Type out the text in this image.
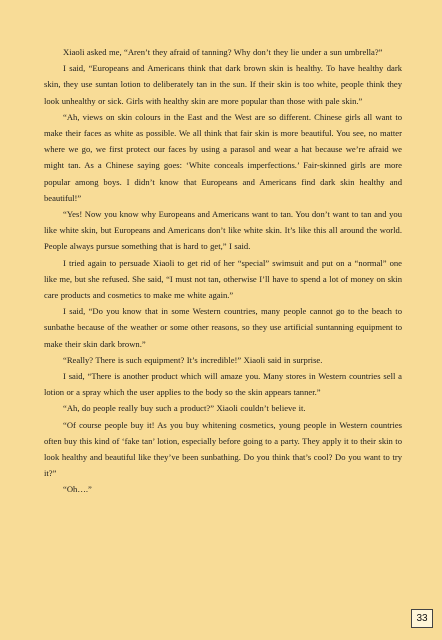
Xiaoli asked me, “Aren’t they afraid of tanning? Why don’t they lie under a sun umbrella?”

I said, “Europeans and Americans think that dark brown skin is healthy. To have healthy dark skin, they use suntan lotion to deliberately tan in the sun. If their skin is too white, people think they look unhealthy or sick. Girls with healthy skin are more popular than those with pale skin.”

“Ah, views on skin colours in the East and the West are so different. Chinese girls all want to make their faces as white as possible. We all think that fair skin is more beautiful. You see, no matter where we go, we first protect our faces by using a parasol and wear a hat because we’re afraid we might tan. As a Chinese saying goes: ‘White conceals imperfections.’ Fair-skinned girls are more popular among boys. I didn’t know that Europeans and Americans find dark skin healthy and beautiful!”

“Yes! Now you know why Europeans and Americans want to tan. You don’t want to tan and you like white skin, but Europeans and Americans don’t like white skin. It’s like this all around the world. People always pursue something that is hard to get,” I said.

I tried again to persuade Xiaoli to get rid of her “special” swimsuit and put on a “normal” one like me, but she refused. She said, “I must not tan, otherwise I’ll have to spend a lot of money on skin care products and cosmetics to make me white again.”

I said, “Do you know that in some Western countries, many people cannot go to the beach to sunbathe because of the weather or some other reasons, so they use artificial suntanning equipment to make their skin dark brown.”

“Really? There is such equipment? It’s incredible!” Xiaoli said in surprise.

I said, “There is another product which will amaze you. Many stores in Western countries sell a lotion or a spray which the user applies to the body so the skin appears tanner.”

“Ah, do people really buy such a product?” Xiaoli couldn’t believe it.

“Of course people buy it! As you buy whitening cosmetics, young people in Western countries often buy this kind of ‘fake tan’ lotion, especially before going to a party. They apply it to their skin to look healthy and beautiful like they’ve been sunbathing. Do you think that’s cool? Do you want to try it?”

“Oh….”

33
